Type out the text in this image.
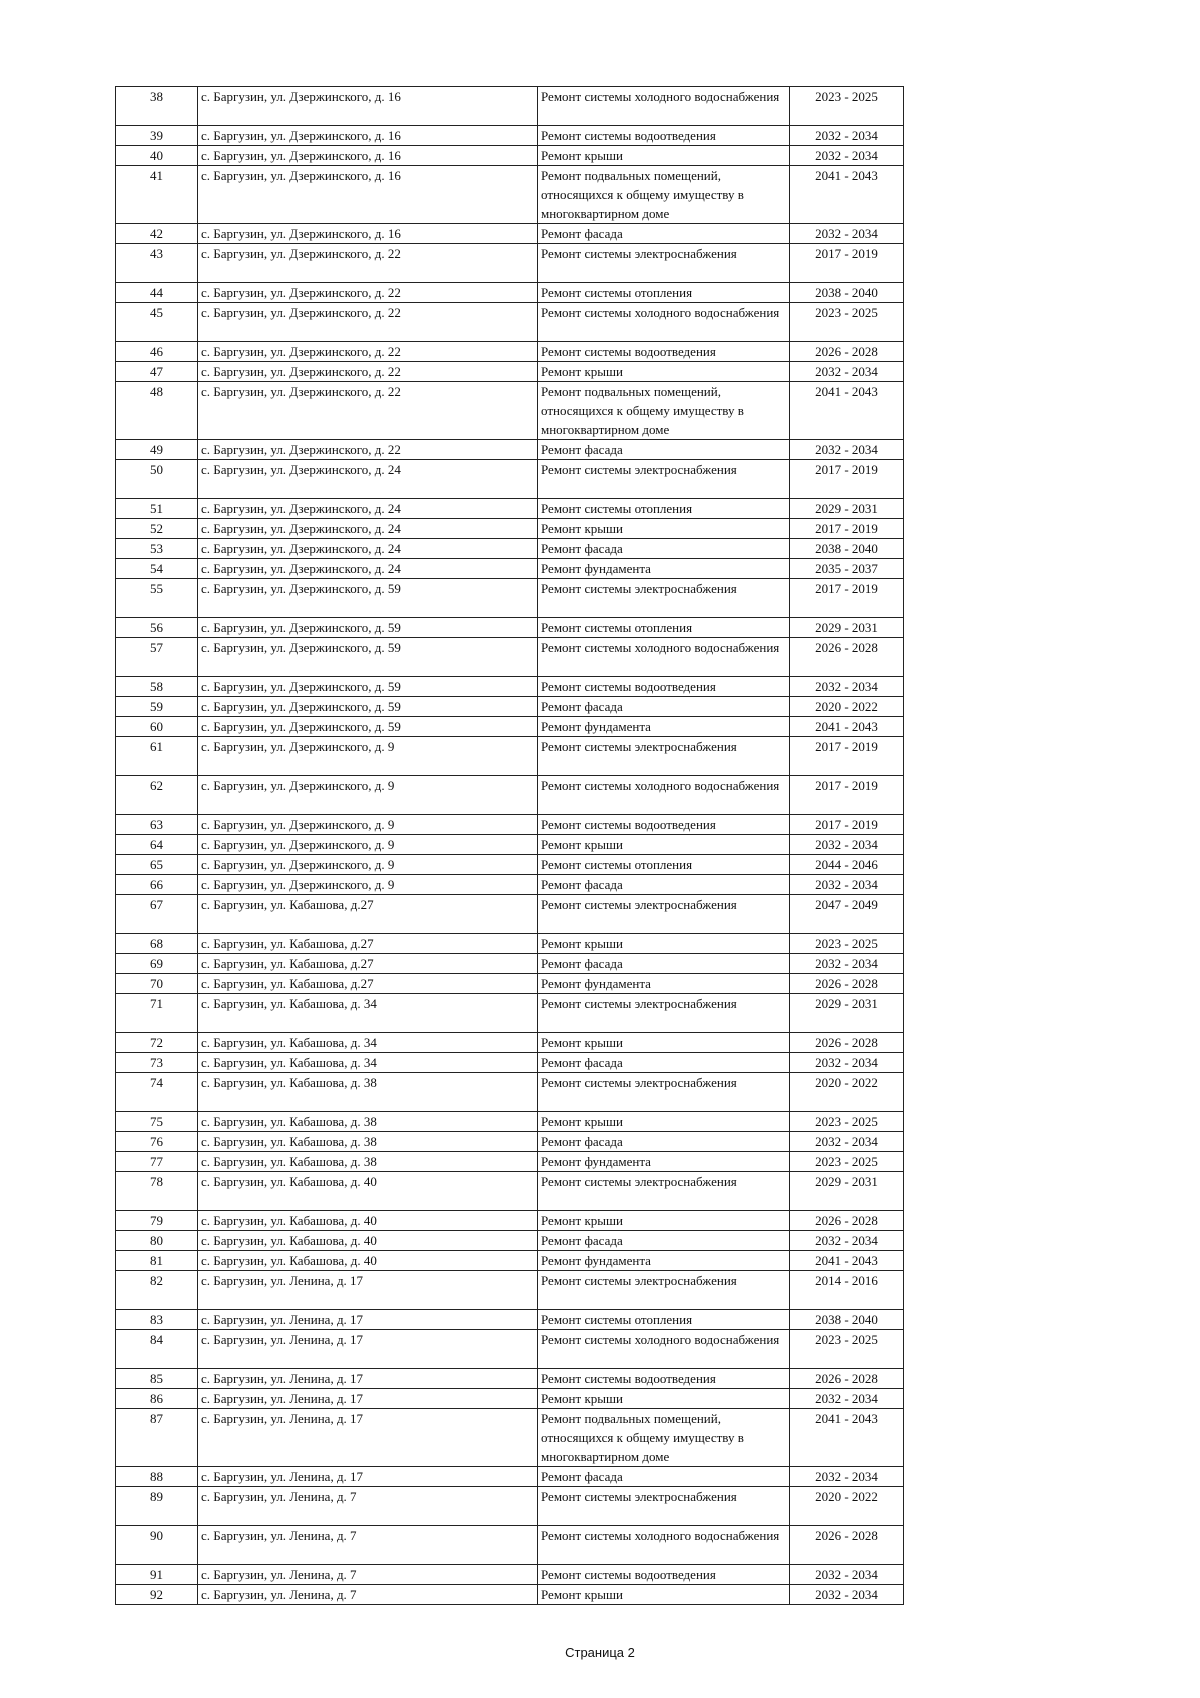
38	с. Баргузин, ул. Дзержинского, д. 16	Ремонт системы холодного водоснабжения	2023 - 2025
39	с. Баргузин, ул. Дзержинского, д. 16	Ремонт системы водоотведения	2032 - 2034
40	с. Баргузин, ул. Дзержинского, д. 16	Ремонт крыши	2032 - 2034
41	с. Баргузин, ул. Дзержинского, д. 16	Ремонт подвальных помещений, относящихся к общему имуществу в многоквартирном доме	2041 - 2043
42	с. Баргузин, ул. Дзержинского, д. 16	Ремонт фасада	2032 - 2034
43	с. Баргузин, ул. Дзержинского, д. 22	Ремонт системы электроснабжения	2017 - 2019
44	с. Баргузин, ул. Дзержинского, д. 22	Ремонт системы отопления	2038 - 2040
45	с. Баргузин, ул. Дзержинского, д. 22	Ремонт системы холодного водоснабжения	2023 - 2025
46	с. Баргузин, ул. Дзержинского, д. 22	Ремонт системы водоотведения	2026 - 2028
47	с. Баргузин, ул. Дзержинского, д. 22	Ремонт крыши	2032 - 2034
48	с. Баргузин, ул. Дзержинского, д. 22	Ремонт подвальных помещений, относящихся к общему имуществу в многоквартирном доме	2041 - 2043
49	с. Баргузин, ул. Дзержинского, д. 22	Ремонт фасада	2032 - 2034
50	с. Баргузин, ул. Дзержинского, д. 24	Ремонт системы электроснабжения	2017 - 2019
51	с. Баргузин, ул. Дзержинского, д. 24	Ремонт системы отопления	2029 - 2031
52	с. Баргузин, ул. Дзержинского, д. 24	Ремонт крыши	2017 - 2019
53	с. Баргузин, ул. Дзержинского, д. 24	Ремонт фасада	2038 - 2040
54	с. Баргузин, ул. Дзержинского, д. 24	Ремонт фундамента	2035 - 2037
55	с. Баргузин, ул. Дзержинского, д. 59	Ремонт системы электроснабжения	2017 - 2019
56	с. Баргузин, ул. Дзержинского, д. 59	Ремонт системы отопления	2029 - 2031
57	с. Баргузин, ул. Дзержинского, д. 59	Ремонт системы холодного водоснабжения	2026 - 2028
58	с. Баргузин, ул. Дзержинского, д. 59	Ремонт системы водоотведения	2032 - 2034
59	с. Баргузин, ул. Дзержинского, д. 59	Ремонт фасада	2020 - 2022
60	с. Баргузин, ул. Дзержинского, д. 59	Ремонт фундамента	2041 - 2043
61	с. Баргузин, ул. Дзержинского, д. 9	Ремонт системы электроснабжения	2017 - 2019
62	с. Баргузин, ул. Дзержинского, д. 9	Ремонт системы холодного водоснабжения	2017 - 2019
63	с. Баргузин, ул. Дзержинского, д. 9	Ремонт системы водоотведения	2017 - 2019
64	с. Баргузин, ул. Дзержинского, д. 9	Ремонт крыши	2032 - 2034
65	с. Баргузин, ул. Дзержинского, д. 9	Ремонт системы отопления	2044 - 2046
66	с. Баргузин, ул. Дзержинского, д. 9	Ремонт фасада	2032 - 2034
67	с. Баргузин, ул. Кабашова, д.27	Ремонт системы электроснабжения	2047 - 2049
68	с. Баргузин, ул. Кабашова, д.27	Ремонт крыши	2023 - 2025
69	с. Баргузин, ул. Кабашова, д.27	Ремонт фасада	2032 - 2034
70	с. Баргузин, ул. Кабашова, д.27	Ремонт фундамента	2026 - 2028
71	с. Баргузин, ул. Кабашова, д. 34	Ремонт системы электроснабжения	2029 - 2031
72	с. Баргузин, ул. Кабашова, д. 34	Ремонт крыши	2026 - 2028
73	с. Баргузин, ул. Кабашова, д. 34	Ремонт фасада	2032 - 2034
74	с. Баргузин, ул. Кабашова, д. 38	Ремонт системы электроснабжения	2020 - 2022
75	с. Баргузин, ул. Кабашова, д. 38	Ремонт крыши	2023 - 2025
76	с. Баргузин, ул. Кабашова, д. 38	Ремонт фасада	2032 - 2034
77	с. Баргузин, ул. Кабашова, д. 38	Ремонт фундамента	2023 - 2025
78	с. Баргузин, ул. Кабашова, д. 40	Ремонт системы электроснабжения	2029 - 2031
79	с. Баргузин, ул. Кабашова, д. 40	Ремонт крыши	2026 - 2028
80	с. Баргузин, ул. Кабашова, д. 40	Ремонт фасада	2032 - 2034
81	с. Баргузин, ул. Кабашова, д. 40	Ремонт фундамента	2041 - 2043
82	с. Баргузин, ул. Ленина, д. 17	Ремонт системы электроснабжения	2014 - 2016
83	с. Баргузин, ул. Ленина, д. 17	Ремонт системы отопления	2038 - 2040
84	с. Баргузин, ул. Ленина, д. 17	Ремонт системы холодного водоснабжения	2023 - 2025
85	с. Баргузин, ул. Ленина, д. 17	Ремонт системы водоотведения	2026 - 2028
86	с. Баргузин, ул. Ленина, д. 17	Ремонт крыши	2032 - 2034
87	с. Баргузин, ул. Ленина, д. 17	Ремонт подвальных помещений, относящихся к общему имуществу в многоквартирном доме	2041 - 2043
88	с. Баргузин, ул. Ленина, д. 17	Ремонт фасада	2032 - 2034
89	с. Баргузин, ул. Ленина, д. 7	Ремонт системы электроснабжения	2020 - 2022
90	с. Баргузин, ул. Ленина, д. 7	Ремонт системы холодного водоснабжения	2026 - 2028
91	с. Баргузин, ул. Ленина, д. 7	Ремонт системы водоотведения	2032 - 2034
92	с. Баргузин, ул. Ленина, д. 7	Ремонт крыши	2032 - 2034
Страница 2
